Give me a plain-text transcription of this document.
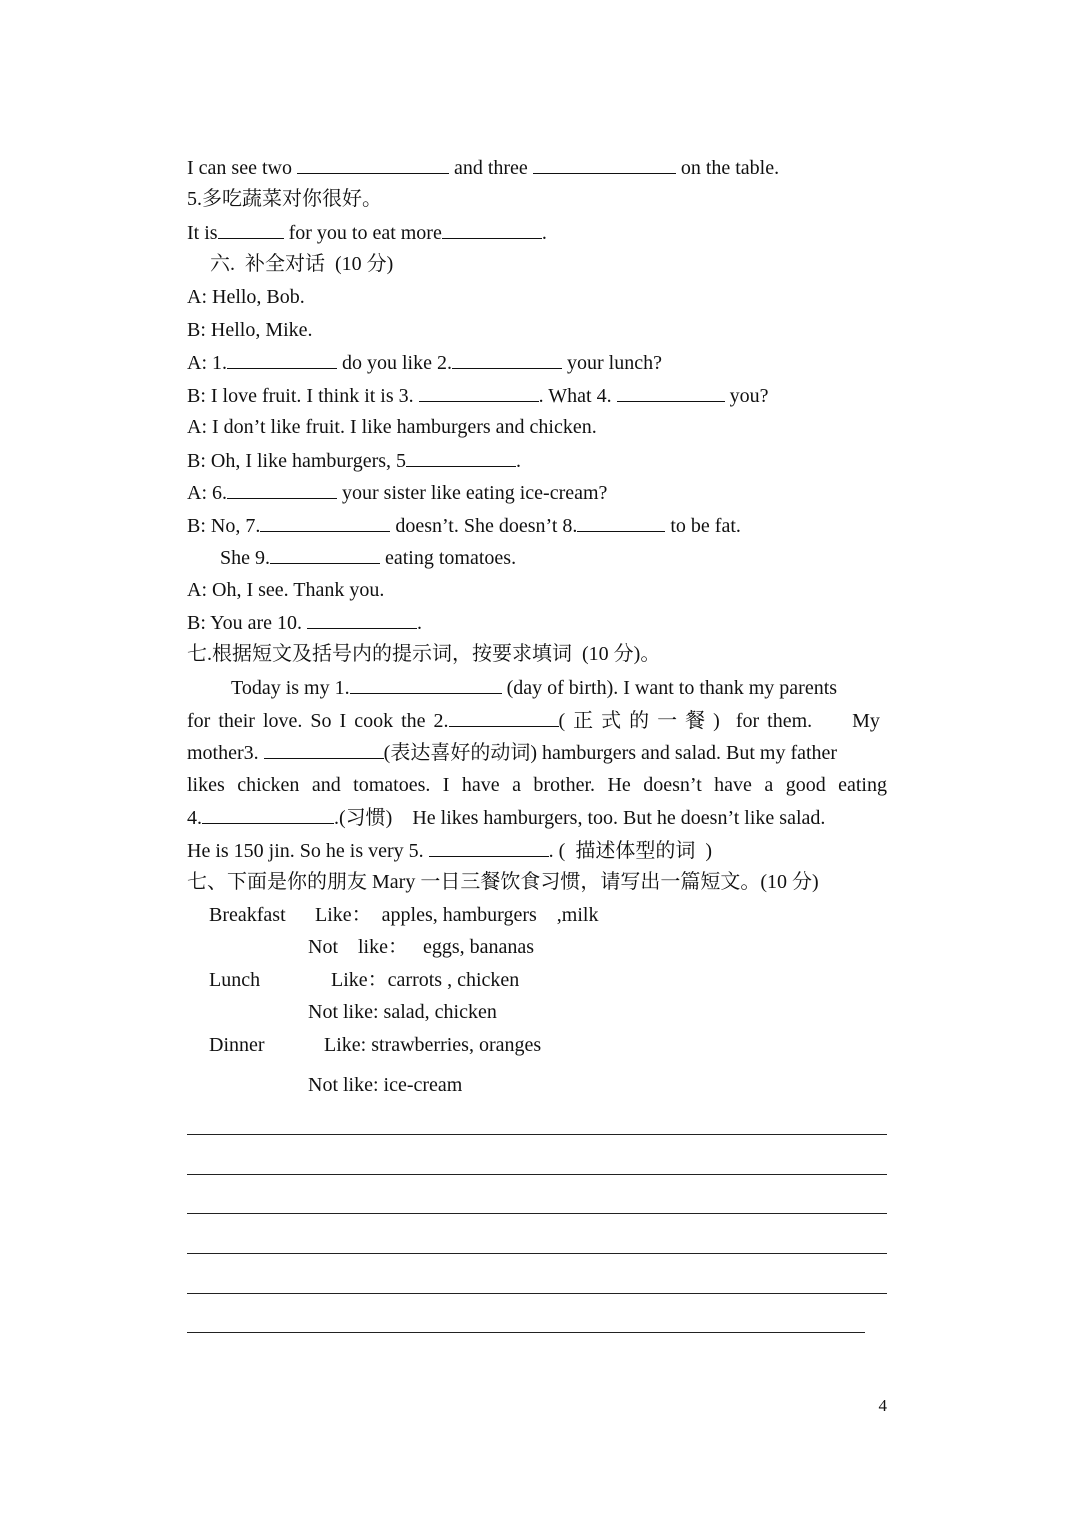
I can see two	and three	on the table.
5.多吃蔬菜对你很好。
It is	for you to eat more	.
六.  补全对话  (10 分)
A: Hello, Bob.
B: Hello, Mike.
A: 1.	do you like 2.	your lunch?
B: I love fruit. I think it is 3.	. What 4.	you?
A: I don’t like fruit. I like hamburgers and chicken.
B: Oh, I like hamburgers, 5	.
A: 6.	your sister like eating ice-cream?
B: No, 7.	doesn’t. She doesn’t 8.	to be fat.
She 9.	eating tomatoes.
A: Oh, I see. Thank you.
B: You are 10.	.
七.根据短文及括号内的提示词，按要求填词  (10 分)。
Today is my 1.	(day of birth). I want to thank my parents
for their love. So I cook the 2.	( 正 式 的 一 餐 )  for them.     My
mother3.	(表达喜好的动词) hamburgers and salad. But my father
likes chicken and tomatoes. I have a brother. He doesn’t have a good eating
4.	.(习惯)    He likes hamburgers, too. But he doesn’t like salad.
He is 150 jin. So he is very 5.	. (  描述体型的词  )
七、下面是你的朋友 Mary 一日三餐饮食习惯，请写出一篇短文。(10 分)
Breakfast Like：  apples, hamburgers    ,milk
Not    like：   eggs, bananas
Lunch	Like：carrots , chicken
Not like: salad, chicken
Dinner	Like: strawberries, oranges
Not like: ice-cream
4
